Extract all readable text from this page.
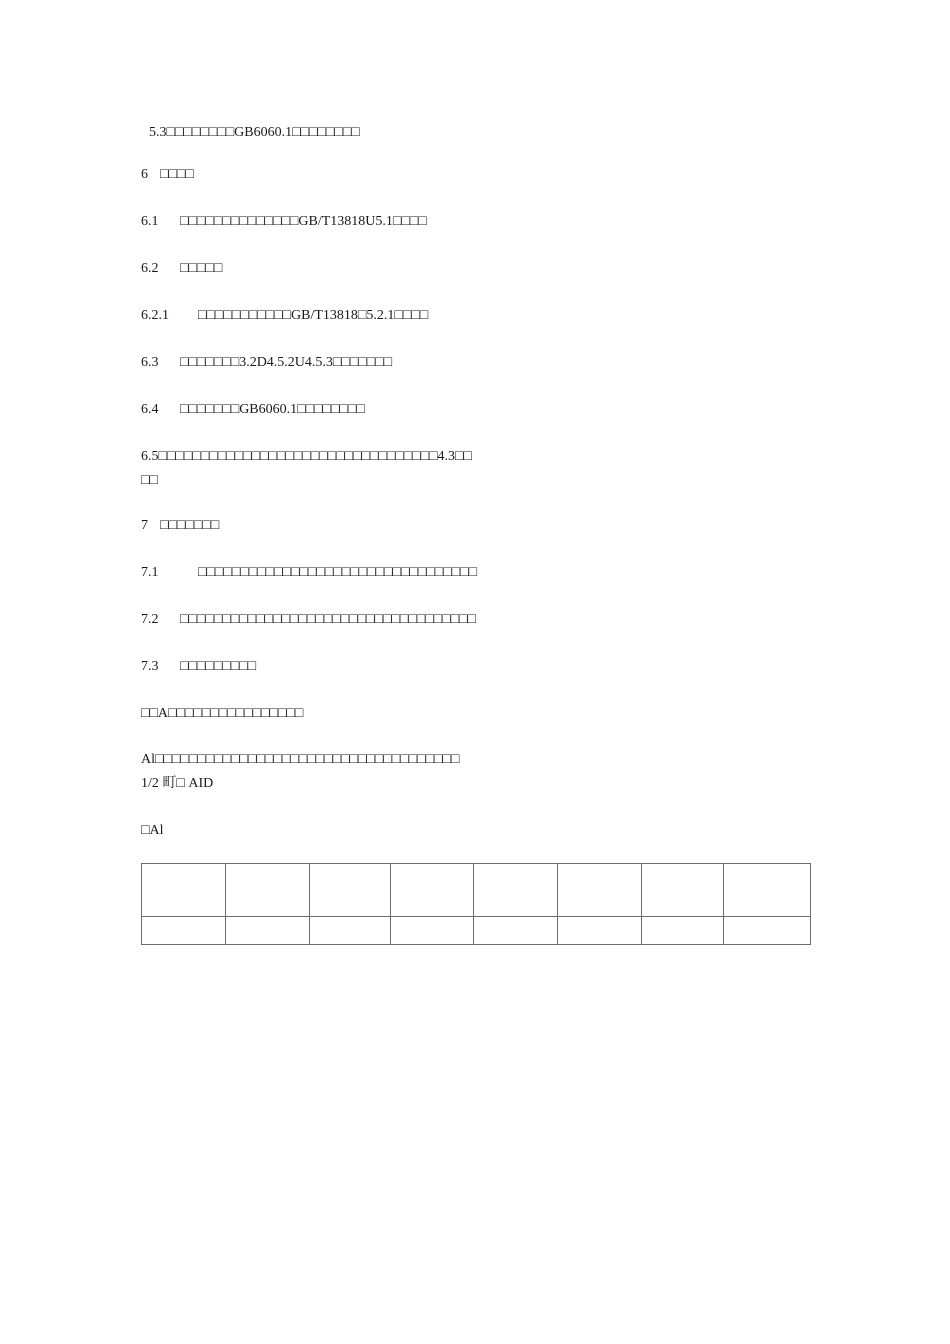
5.3□□□□□□□□GB6060.1□□□□□□□□
6 □□□□
6.1 □□□□□□□□□□□□□□GB/T13818U5.1□□□□
6.2 □□□□□
6.2.1 □□□□□□□□□□□GB/T13818□5.2.1□□□□
6.3 □□□□□□□3.2D4.5.2U4.5.3□□□□□□□
6.4 □□□□□□□GB6060.1□□□□□□□□
6.5□□□□□□□□□□□□□□□□□□□□□□□□□□□□□□□□□4.3□□
□□
7 □□□□□□□
7.1	□□□□□□□□□□□□□□□□□□□□□□□□□□□□□□□□□
7.2 □□□□□□□□□□□□□□□□□□□□□□□□□□□□□□□□□□□
7.3 □□□□□□□□□
□□A□□□□□□□□□□□□□□□□
Al□□□□□□□□□□□□□□□□□□□□□□□□□□□□□□□□□□□□
1/2 町□ AID
□Al
